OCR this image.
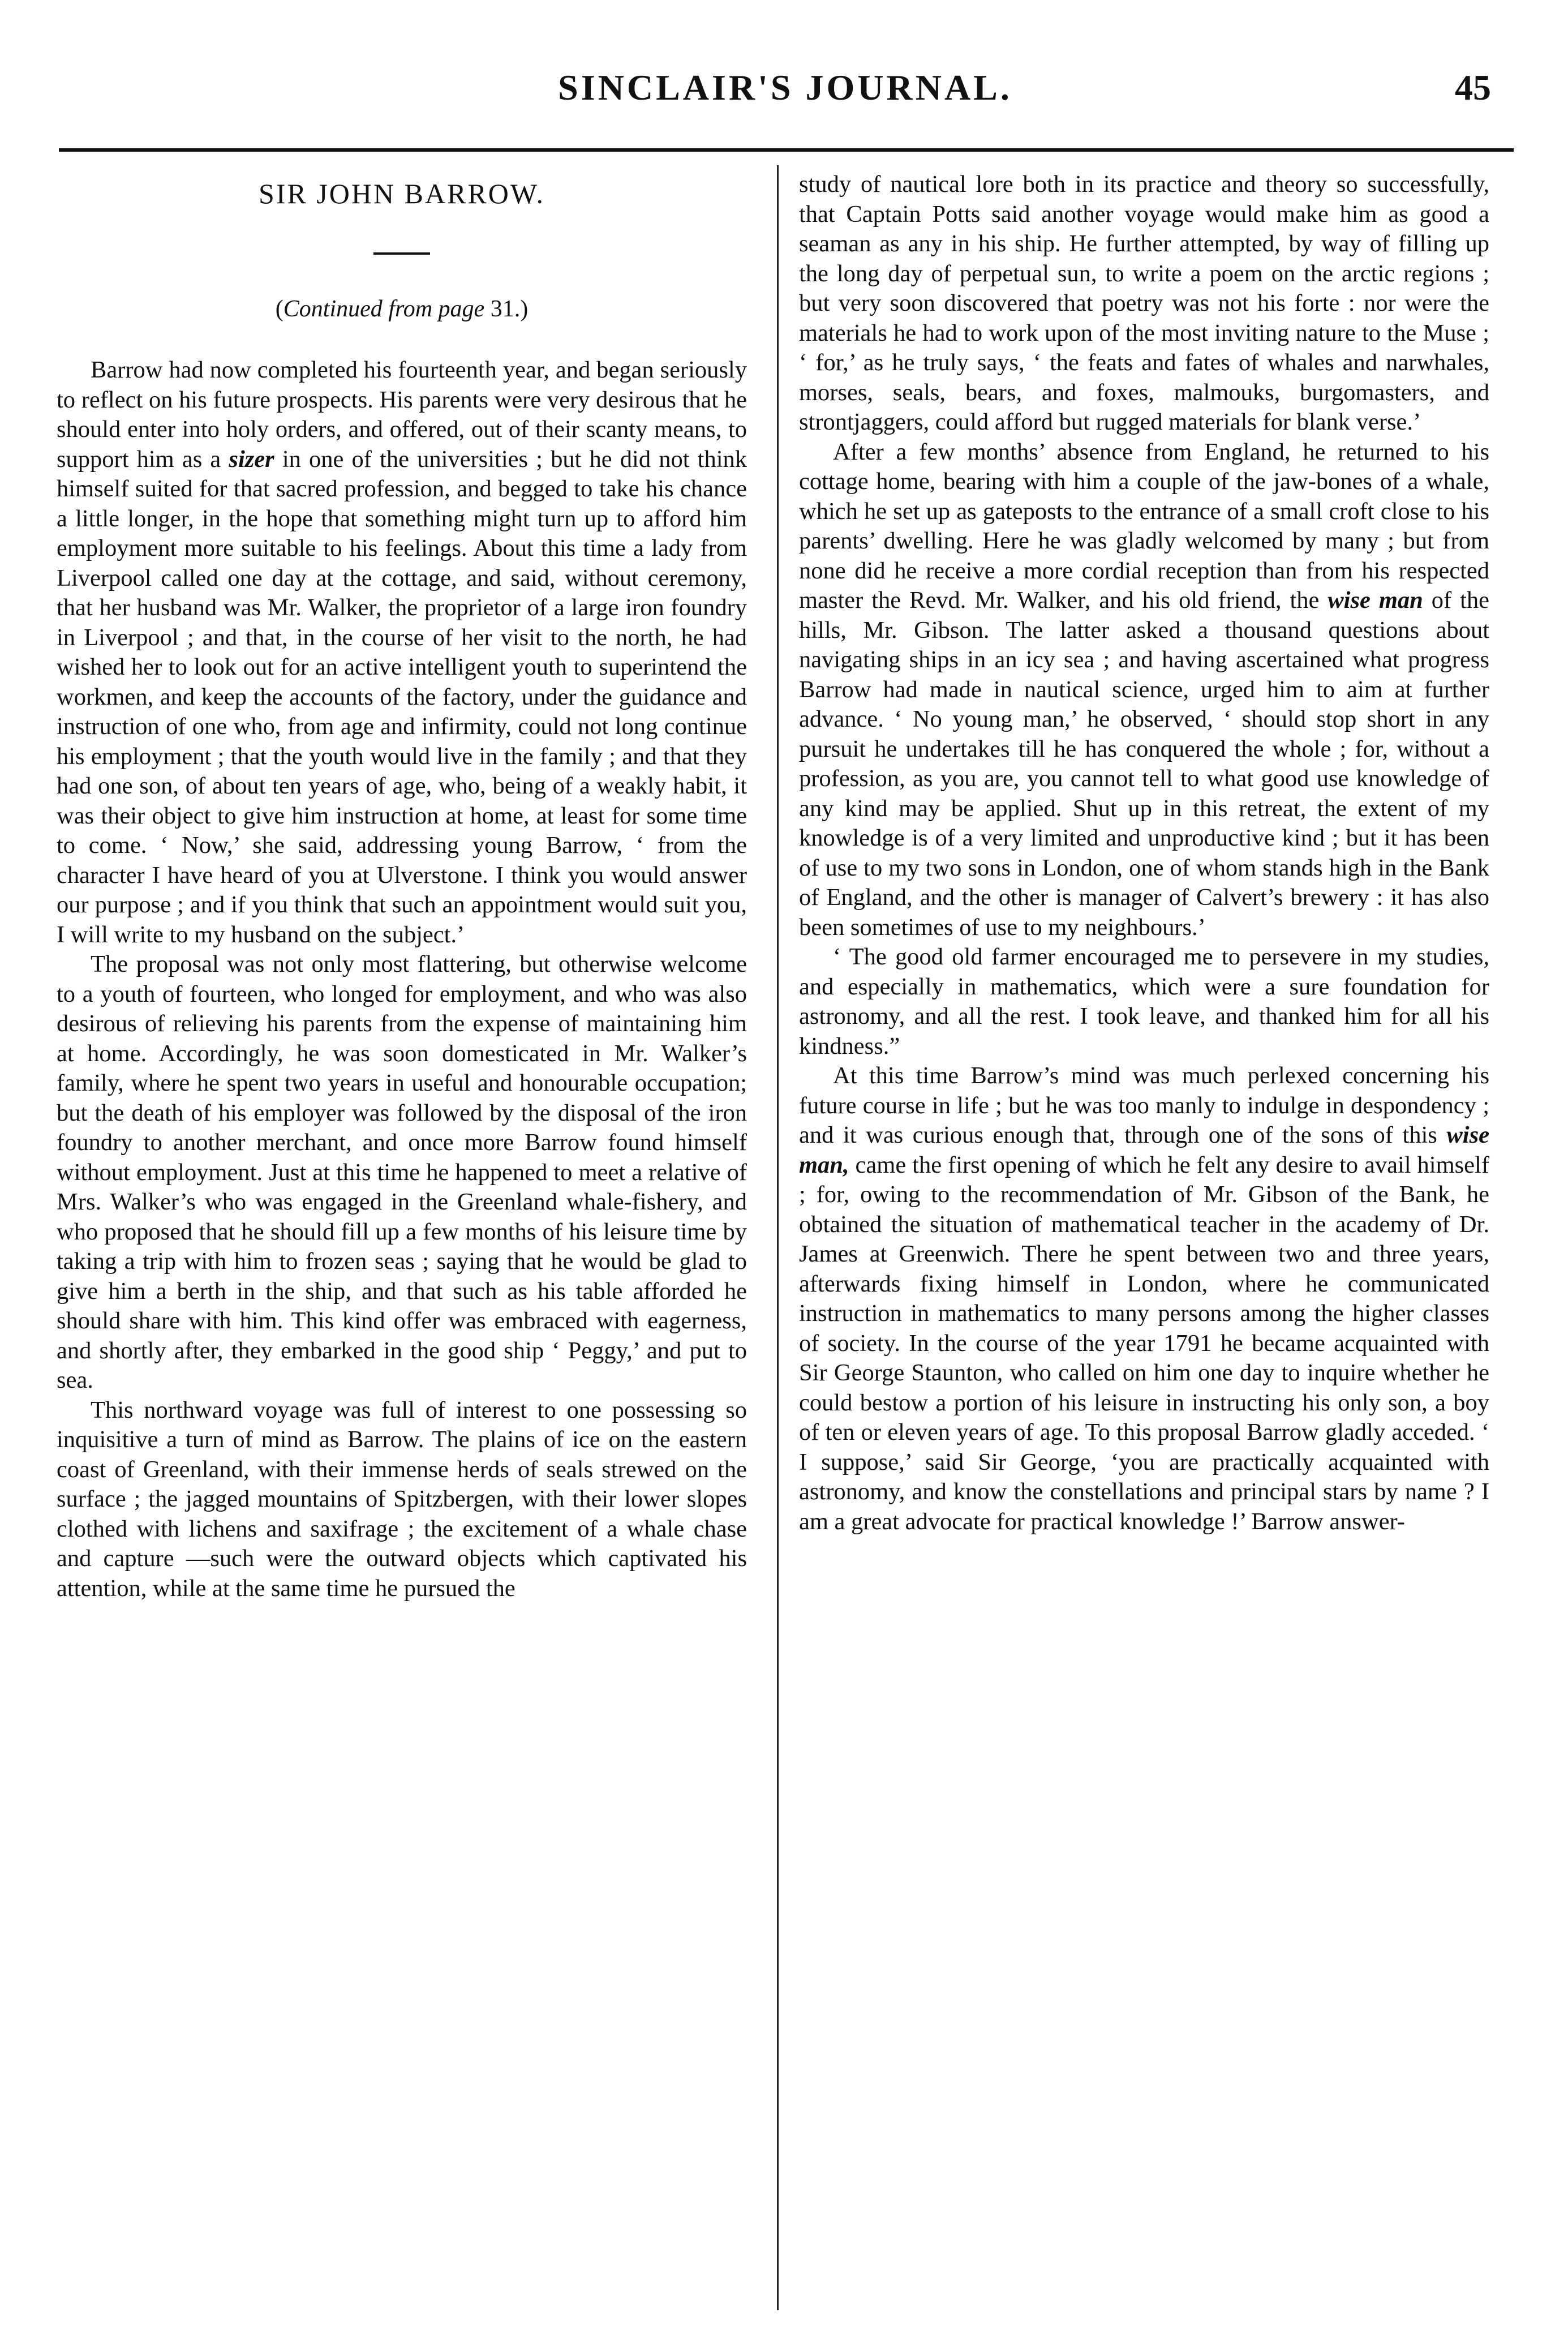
SINCLAIR'S JOURNAL.	45
SIR JOHN BARROW.

(Continued from page 31.)

Barrow had now completed his fourteenth year, and began seriously to reflect on his future prospects. His parents were very desirous that he should enter into holy orders, and offered, out of their scanty means, to support him as a sizer in one of the universities ; but he did not think himself suited for that sacred profession, and begged to take his chance a little longer, in the hope that something might turn up to afford him employment more suitable to his feelings. About this time a lady from Liverpool called one day at the cottage, and said, without ceremony, that her husband was Mr. Walker, the proprietor of a large iron foundry in Liverpool ; and that, in the course of her visit to the north, he had wished her to look out for an active intelligent youth to superintend the workmen, and keep the accounts of the factory, under the guidance and instruction of one who, from age and infirmity, could not long continue his employment ; that the youth would live in the family ; and that they had one son, of about ten years of age, who, being of a weakly habit, it was their object to give him instruction at home, at least for some time to come. ‘ Now,’ she said, addressing young Barrow, ‘ from the character I have heard of you at Ulverstone. I think you would answer our purpose ; and if you think that such an appointment would suit you, I will write to my husband on the subject.’

The proposal was not only most flattering, but otherwise welcome to a youth of fourteen, who longed for employment, and who was also desirous of relieving his parents from the expense of maintaining him at home. Accordingly, he was soon domesticated in Mr. Walker’s family, where he spent two years in useful and honourable occupation; but the death of his employer was followed by the disposal of the iron foundry to another merchant, and once more Barrow found himself without employment. Just at this time he happened to meet a relative of Mrs. Walker’s who was engaged in the Greenland whale-fishery, and who proposed that he should fill up a few months of his leisure time by taking a trip with him to frozen seas ; saying that he would be glad to give him a berth in the ship, and that such as his table afforded he should share with him. This kind offer was embraced with eagerness, and shortly after, they embarked in the good ship ‘ Peggy,’ and put to sea.

This northward voyage was full of interest to one possessing so inquisitive a turn of mind as Barrow. The plains of ice on the eastern coast of Greenland, with their immense herds of seals strewed on the surface ; the jagged mountains of Spitzbergen, with their lower slopes clothed with lichens and saxifrage ; the excitement of a whale chase and capture —such were the outward objects which captivated his attention, while at the same time he pursued the

study of nautical lore both in its practice and theory so successfully, that Captain Potts said another voyage would make him as good a seaman as any in his ship. He further attempted, by way of filling up the long day of perpetual sun, to write a poem on the arctic regions ; but very soon discovered that poetry was not his forte : nor were the materials he had to work upon of the most inviting nature to the Muse ; ‘ for,’ as he truly says, ‘ the feats and fates of whales and narwhales, morses, seals, bears, and foxes, malmouks, burgomasters, and strontjaggers, could afford but rugged materials for blank verse.’

After a few months’ absence from England, he returned to his cottage home, bearing with him a couple of the jaw-bones of a whale, which he set up as gateposts to the entrance of a small croft close to his parents’ dwelling. Here he was gladly welcomed by many ; but from none did he receive a more cordial reception than from his respected master the Revd. Mr. Walker, and his old friend, the wise man of the hills, Mr. Gibson. The latter asked a thousand questions about navigating ships in an icy sea ; and having ascertained what progress Barrow had made in nautical science, urged him to aim at further advance. ‘ No young man,’ he observed, ‘ should stop short in any pursuit he undertakes till he has conquered the whole ; for, without a profession, as you are, you cannot tell to what good use knowledge of any kind may be applied. Shut up in this retreat, the extent of my knowledge is of a very limited and unproductive kind ; but it has been of use to my two sons in London, one of whom stands high in the Bank of England, and the other is manager of Calvert’s brewery : it has also been sometimes of use to my neighbours.’

‘ The good old farmer encouraged me to persevere in my studies, and especially in mathematics, which were a sure foundation for astronomy, and all the rest. I took leave, and thanked him for all his kindness.”

At this time Barrow’s mind was much perlexed concerning his future course in life ; but he was too manly to indulge in despondency ; and it was curious enough that, through one of the sons of this wise man, came the first opening of which he felt any desire to avail himself ; for, owing to the recommendation of Mr. Gibson of the Bank, he obtained the situation of mathematical teacher in the academy of Dr. James at Greenwich. There he spent between two and three years, afterwards fixing himself in London, where he communicated instruction in mathematics to many persons among the higher classes of society. In the course of the year 1791 he became acquainted with Sir George Staunton, who called on him one day to inquire whether he could bestow a portion of his leisure in instructing his only son, a boy of ten or eleven years of age. To this proposal Barrow gladly acceded. ‘ I suppose,’ said Sir George, ‘you are practically acquainted with astronomy, and know the constellations and principal stars by name ? I am a great advocate for practical knowledge !’ Barrow answer-
